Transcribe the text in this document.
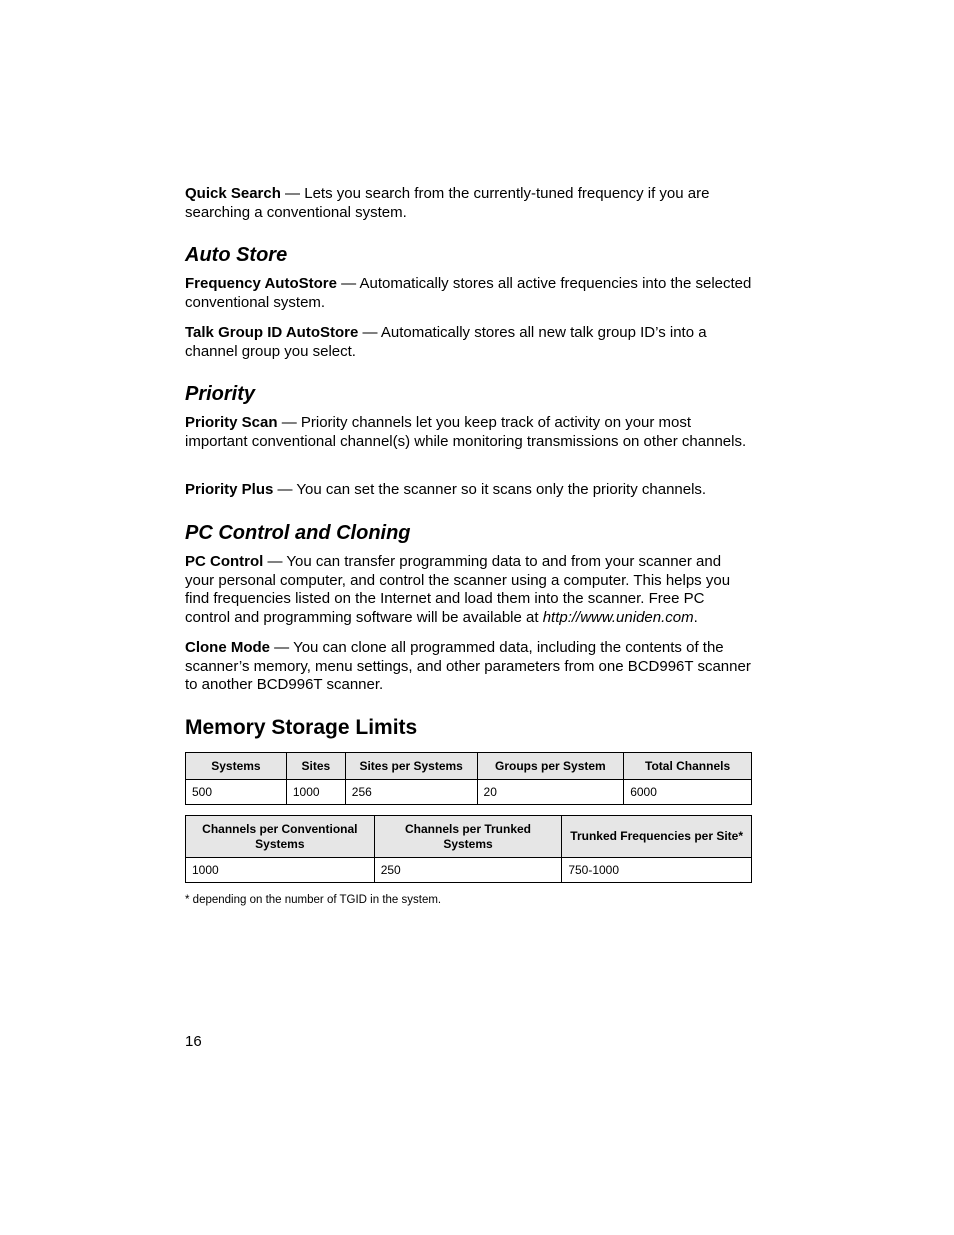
Quick Search — Lets you search from the currently-tuned frequency if you are searching a conventional system.

Auto Store

Frequency AutoStore — Automatically stores all active frequencies into the selected conventional system.

Talk Group ID AutoStore — Automatically stores all new talk group ID’s into a channel group you select.

Priority

Priority Scan — Priority channels let you keep track of activity on your most important conventional channel(s) while monitoring transmissions on other channels.

Priority Plus — You can set the scanner so it scans only the priority channels.

PC Control and Cloning

PC Control — You can transfer programming data to and from your scanner and your personal computer, and control the scanner using a computer. This helps you find frequencies listed on the Internet and load them into the scanner. Free PC control and programming software will be available at http://www.uniden.com.

Clone Mode — You can clone all programmed data, including the contents of the scanner’s memory, menu settings, and other parameters from one BCD996T scanner to another BCD996T scanner.

Memory Storage Limits
Systems	Sites	Sites per Systems	Groups per System	Total Channels
500	1000	256	20	6000
Channels per Conventional Systems	Channels per Trunked Systems	Trunked Frequencies per Site*
1000	250	750-1000
* depending on the number of TGID in the system.
16
